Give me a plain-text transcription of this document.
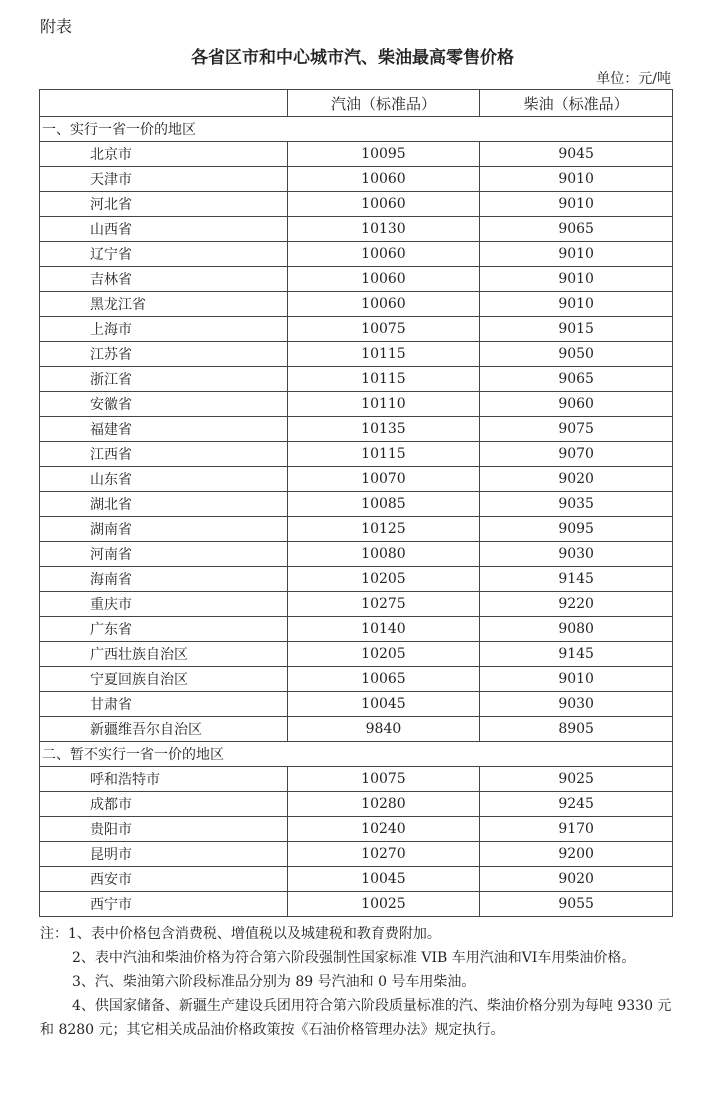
附表
各省区市和中心城市汽、柴油最高零售价格
单位：元/吨
	汽油（标准品）	柴油（标准品）
一、实行一省一价的地区		
北京市	10095	9045
天津市	10060	9010
河北省	10060	9010
山西省	10130	9065
辽宁省	10060	9010
吉林省	10060	9010
黑龙江省	10060	9010
上海市	10075	9015
江苏省	10115	9050
浙江省	10115	9065
安徽省	10110	9060
福建省	10135	9075
江西省	10115	9070
山东省	10070	9020
湖北省	10085	9035
湖南省	10125	9095
河南省	10080	9030
海南省	10205	9145
重庆市	10275	9220
广东省	10140	9080
广西壮族自治区	10205	9145
宁夏回族自治区	10065	9010
甘肃省	10045	9030
新疆维吾尔自治区	9840	8905
二、暂不实行一省一价的地区		
呼和浩特市	10075	9025
成都市	10280	9245
贵阳市	10240	9170
昆明市	10270	9200
西安市	10045	9020
西宁市	10025	9055

注：1、表中价格包含消费税、增值税以及城建税和教育费附加。

2、表中汽油和柴油价格为符合第六阶段强制性国家标准 VIB 车用汽油和VI车用柴油价格。

3、汽、柴油第六阶段标准品分别为 89 号汽油和 0 号车用柴油。

4、供国家储备、新疆生产建设兵团用符合第六阶段质量标准的汽、柴油价格分别为每吨 9330 元和 8280 元；其它相关成品油价格政策按《石油价格管理办法》规定执行。
